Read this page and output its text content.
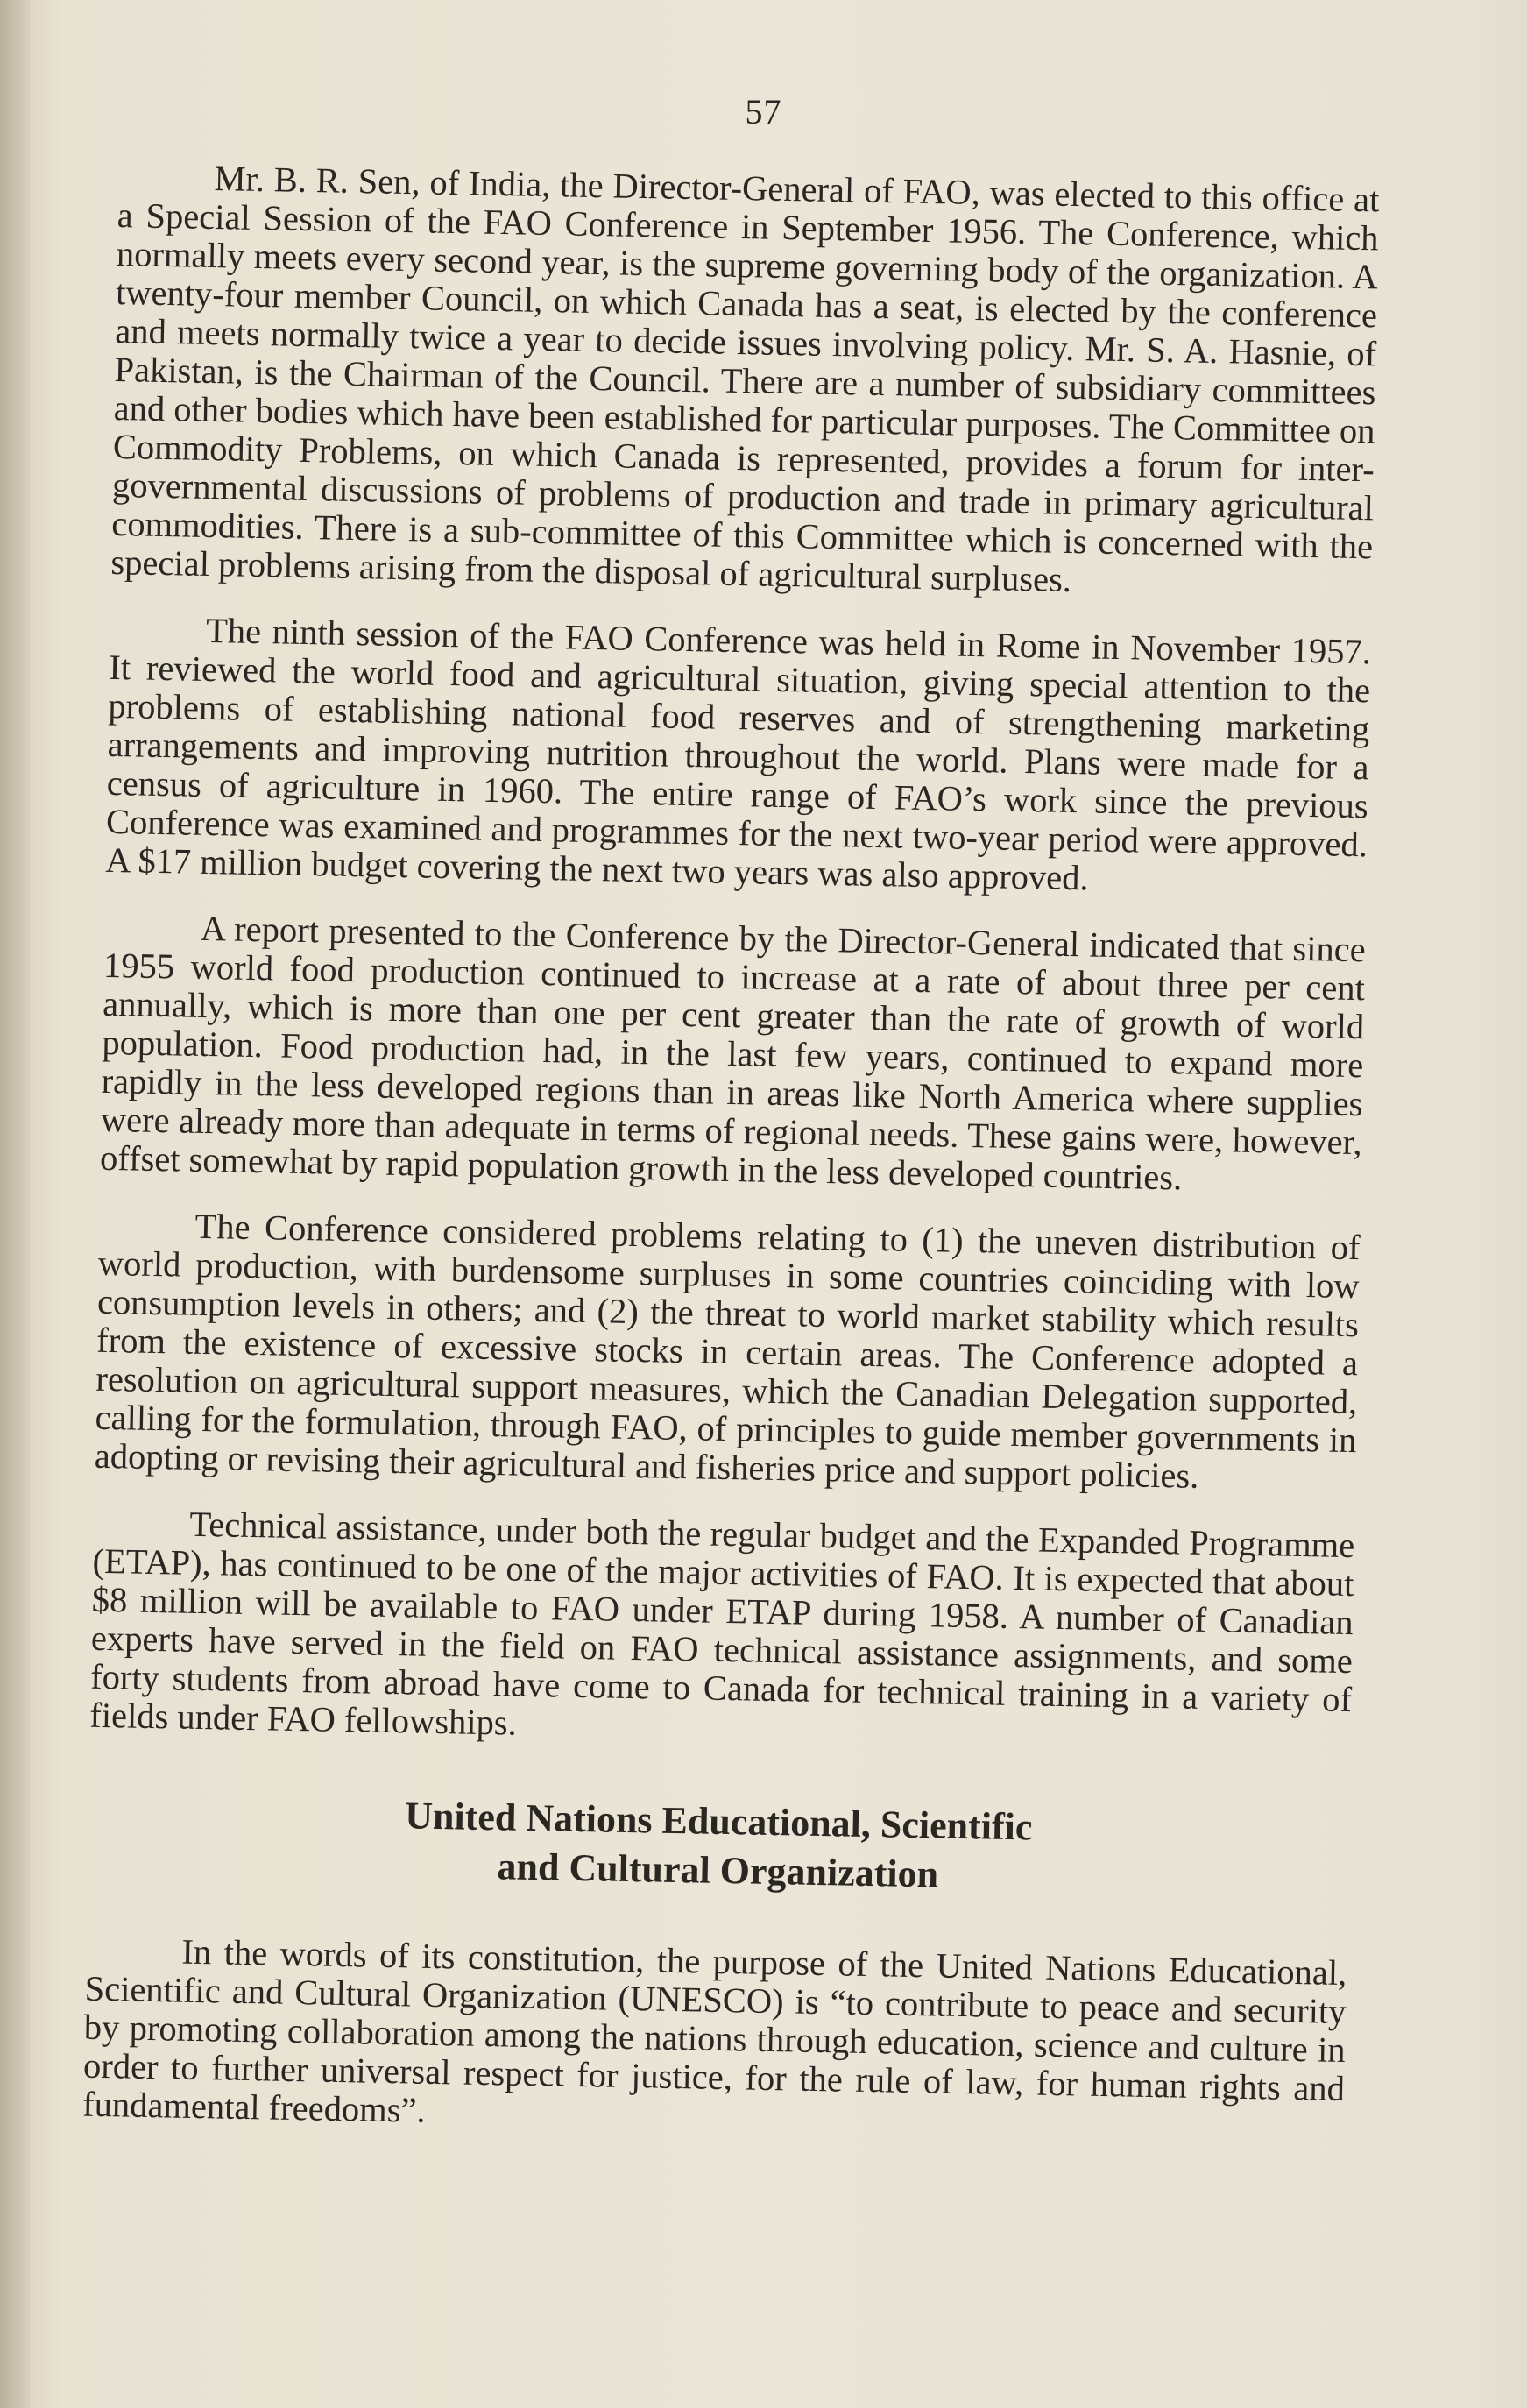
57

Mr. B. R. Sen, of India, the Director-General of FAO, was elected to this office at a Special Session of the FAO Conference in September 1956. The Conference, which normally meets every second year, is the supreme governing body of the organization. A twenty-four member Council, on which Canada has a seat, is elected by the conference and meets normally twice a year to decide issues involving policy. Mr. S. A. Hasnie, of Pakistan, is the Chairman of the Council. There are a number of subsidiary committees and other bodies which have been established for particular purposes. The Committee on Commodity Problems, on which Canada is represented, provides a forum for inter-governmental discussions of problems of production and trade in primary agricultural commodities. There is a sub-committee of this Committee which is concerned with the special problems arising from the disposal of agricultural surpluses.

The ninth session of the FAO Conference was held in Rome in November 1957. It reviewed the world food and agricultural situation, giving special attention to the problems of establishing national food reserves and of strengthening marketing arrangements and improving nutrition throughout the world. Plans were made for a census of agriculture in 1960. The entire range of FAO’s work since the previous Conference was examined and programmes for the next two-year period were approved. A $17 million budget covering the next two years was also approved.

A report presented to the Conference by the Director-General indicated that since 1955 world food production continued to increase at a rate of about three per cent annually, which is more than one per cent greater than the rate of growth of world population. Food production had, in the last few years, continued to expand more rapidly in the less developed regions than in areas like North America where supplies were already more than adequate in terms of regional needs. These gains were, however, offset somewhat by rapid population growth in the less developed countries.

The Conference considered problems relating to (1) the uneven distribution of world production, with burdensome surpluses in some countries coinciding with low consumption levels in others; and (2) the threat to world market stability which results from the existence of excessive stocks in certain areas. The Conference adopted a resolution on agricultural support measures, which the Canadian Delegation supported, calling for the formulation, through FAO, of principles to guide member governments in adopting or revising their agricultural and fisheries price and support policies.

Technical assistance, under both the regular budget and the Expanded Programme (ETAP), has continued to be one of the major activities of FAO. It is expected that about $8 million will be available to FAO under ETAP during 1958. A number of Canadian experts have served in the field on FAO technical assistance assignments, and some forty students from abroad have come to Canada for technical training in a variety of fields under FAO fellowships.

United Nations Educational, Scientific
and Cultural Organization

In the words of its constitution, the purpose of the United Nations Educational, Scientific and Cultural Organization (UNESCO) is “to contribute to peace and security by promoting collaboration among the nations through education, science and culture in order to further universal respect for justice, for the rule of law, for human rights and fundamental freedoms”.
